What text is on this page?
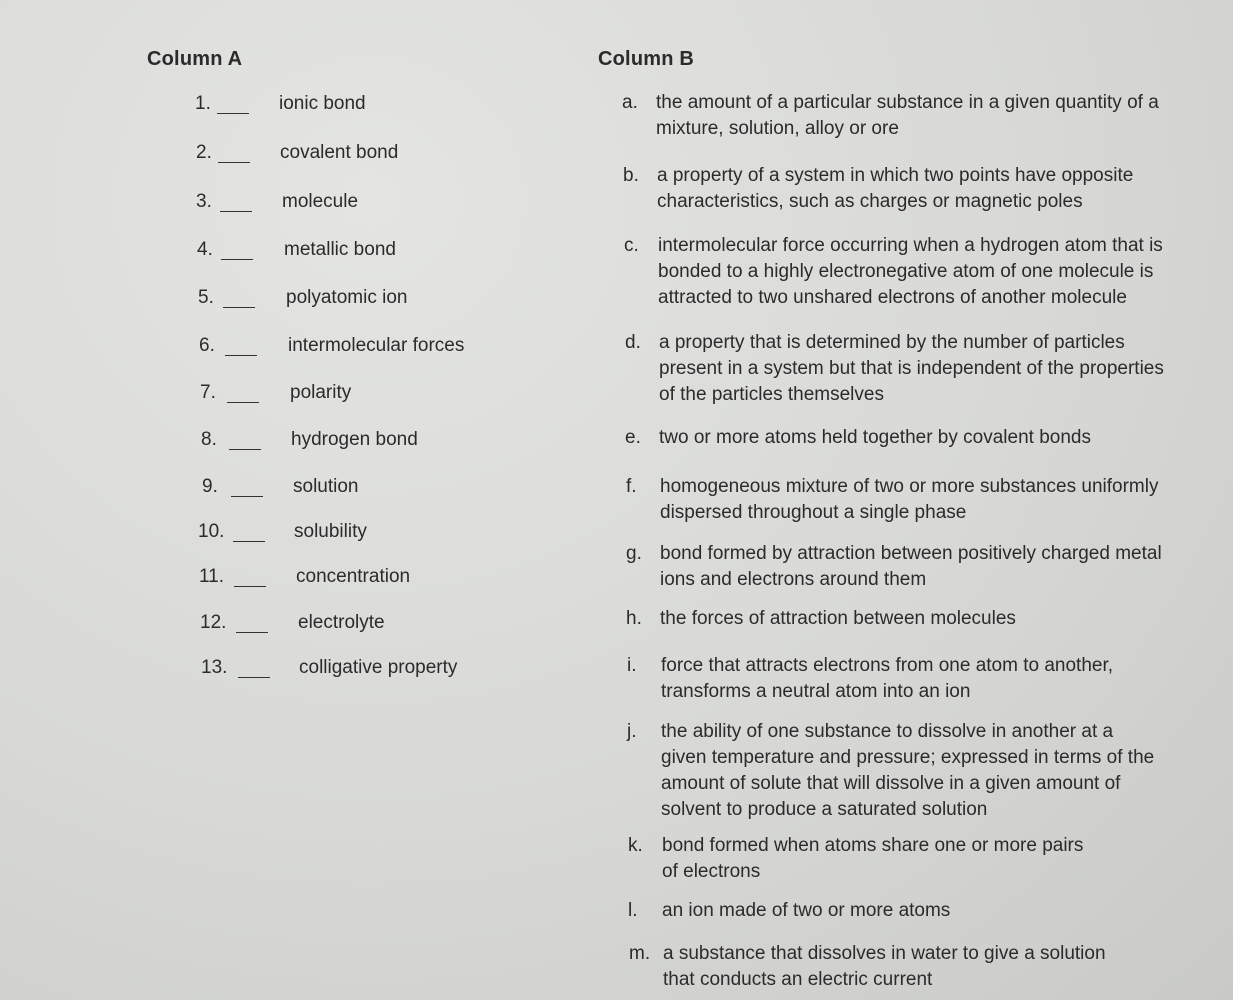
Column A	Column B
1.	ionic bond
2.	covalent bond
3.	molecule
4.	metallic bond
5.	polyatomic ion
6.	intermolecular forces
7.	polarity
8.	hydrogen bond
9.	solution
10.	solubility
11.	concentration
12.	electrolyte
13.	colligative property
a. the amount of a particular substance in a given quantity of a mixture, solution, alloy or ore
b. a property of a system in which two points have opposite characteristics, such as charges or magnetic poles
c. intermolecular force occurring when a hydrogen atom that is bonded to a highly electronegative atom of one molecule is attracted to two unshared electrons of another molecule
d. a property that is determined by the number of particles present in a system but that is independent of the properties of the particles themselves
e. two or more atoms held together by covalent bonds
f. homogeneous mixture of two or more substances uniformly dispersed throughout a single phase
g. bond formed by attraction between positively charged metal ions and electrons around them
h. the forces of attraction between molecules
i. force that attracts electrons from one atom to another, transforms a neutral atom into an ion
j. the ability of one substance to dissolve in another at a given temperature and pressure; expressed in terms of the amount of solute that will dissolve in a given amount of solvent to produce a saturated solution
k. bond formed when atoms share one or more pairs of electrons
l. an ion made of two or more atoms
m. a substance that dissolves in water to give a solution that conducts an electric current
